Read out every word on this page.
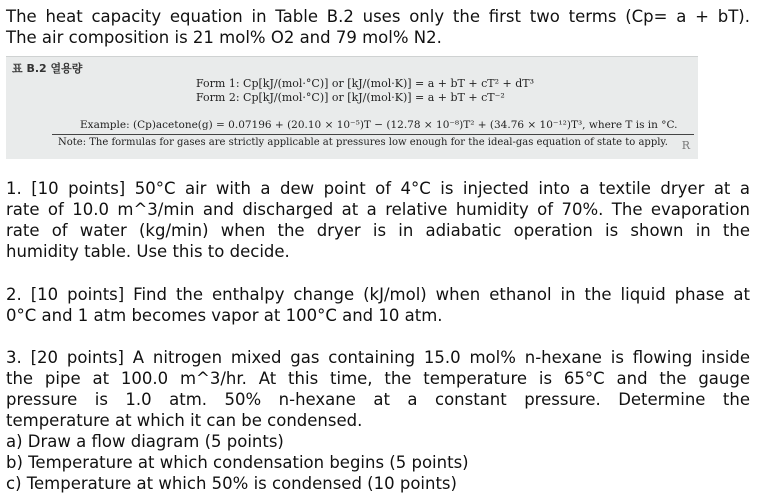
The heat capacity equation in Table B.2 uses only the first two terms (Cp= a + bT).
The air composition is 21 mol% O2 and 79 mol% N2.
표 B.2 열용량
Form 1: Cp[kJ/(mol·°C)] or [kJ/(mol·K)] = a + bT + cT² + dT³
Form 2: Cp[kJ/(mol·°C)] or [kJ/(mol·K)] = a + bT + cT⁻²
Example: (Cp)acetone(g) = 0.07196 + (20.10 × 10⁻⁵)T − (12.78 × 10⁻⁸)T² + (34.76 × 10⁻¹²)T³, where T is in °C.
Note: The formulas for gases are strictly applicable at pressures low enough for the ideal-gas equation of state to apply. R
1. [10 points] 50°C air with a dew point of 4°C is injected into a textile dryer at a
rate of 10.0 m^3/min and discharged at a relative humidity of 70%. The evaporation
rate of water (kg/min) when the dryer is in adiabatic operation is shown in the
humidity table. Use this to decide.
2. [10 points] Find the enthalpy change (kJ/mol) when ethanol in the liquid phase at
0°C and 1 atm becomes vapor at 100°C and 10 atm.
3. [20 points] A nitrogen mixed gas containing 15.0 mol% n-hexane is flowing inside
the pipe at 100.0 m^3/hr. At this time, the temperature is 65°C and the gauge
pressure is 1.0 atm. 50% n-hexane at a constant pressure. Determine the
temperature at which it can be condensed.
a) Draw a flow diagram (5 points)
b) Temperature at which condensation begins (5 points)
c) Temperature at which 50% is condensed (10 points)
